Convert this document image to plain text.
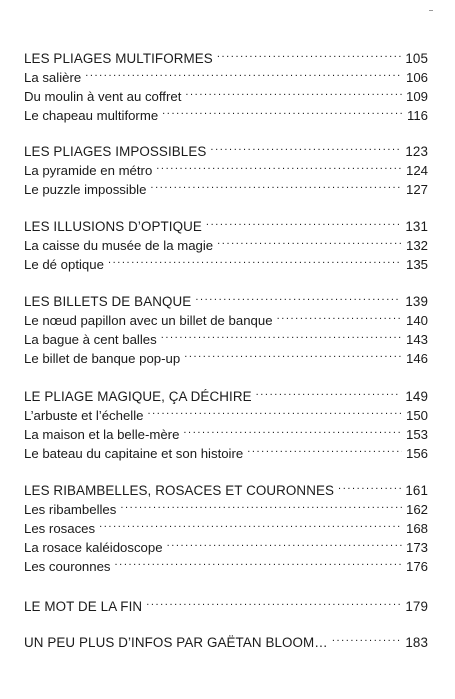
LES PLIAGES MULTIFORMES .....	105
La salière .....	106
Du moulin à vent au coffret .....	109
Le chapeau multiforme .....	116
LES PLIAGES IMPOSSIBLES .....	123
La pyramide en métro .....	124
Le puzzle impossible .....	127
LES ILLUSIONS D’OPTIQUE .....	131
La caisse du musée de la magie .....	132
Le dé optique .....	135
LES BILLETS DE BANQUE .....	139
Le nœud papillon avec un billet de banque .....	140
La bague à cent balles .....	143
Le billet de banque pop-up .....	146
LE PLIAGE MAGIQUE, ÇA DÉCHIRE .....	149
L’arbuste et l’échelle .....	150
La maison et la belle-mère .....	153
Le bateau du capitaine et son histoire .....	156
LES RIBAMBELLES, ROSACES ET COURONNES .....	161
Les ribambelles .....	162
Les rosaces .....	168
La rosace kaléidoscope .....	173
Les couronnes .....	176
LE MOT DE LA FIN .....	179
UN PEU PLUS D’INFOS PAR GAËTAN BLOOM… .....	183
